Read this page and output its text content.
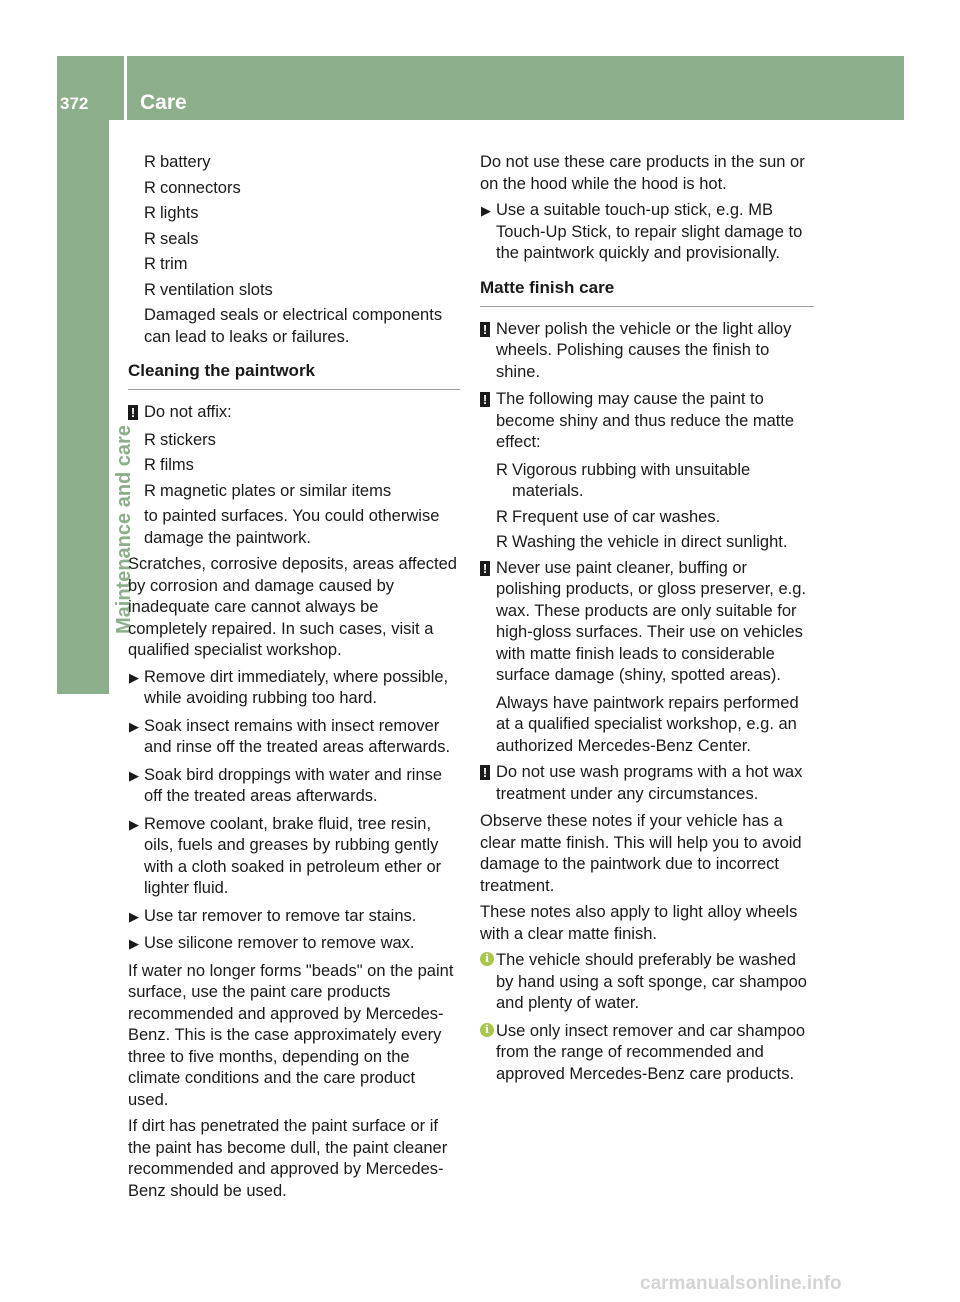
372	Care
Maintenance and care
R battery
R connectors
R lights
R seals
R trim
R ventilation slots

Damaged seals or electrical components can lead to leaks or failures.

Cleaning the paintwork
! Do not affix:
R stickers
R films
R magnetic plates or similar items

to painted surfaces. You could otherwise damage the paintwork.

Scratches, corrosive deposits, areas affected by corrosion and damage caused by inadequate care cannot always be completely repaired. In such cases, visit a qualified specialist workshop.

▶ Remove dirt immediately, where possible, while avoiding rubbing too hard.
▶ Soak insect remains with insect remover and rinse off the treated areas afterwards.
▶ Soak bird droppings with water and rinse off the treated areas afterwards.
▶ Remove coolant, brake fluid, tree resin, oils, fuels and greases by rubbing gently with a cloth soaked in petroleum ether or lighter fluid.
▶ Use tar remover to remove tar stains.
▶ Use silicone remover to remove wax.

If water no longer forms "beads" on the paint surface, use the paint care products recommended and approved by Mercedes-Benz. This is the case approximately every three to five months, depending on the climate conditions and the care product used.

If dirt has penetrated the paint surface or if the paint has become dull, the paint cleaner recommended and approved by Mercedes-Benz should be used.

Do not use these care products in the sun or on the hood while the hood is hot.

▶ Use a suitable touch-up stick, e.g. MB Touch-Up Stick, to repair slight damage to the paintwork quickly and provisionally.
Matte finish care
! Never polish the vehicle or the light alloy wheels. Polishing causes the finish to shine.
! The following may cause the paint to become shiny and thus reduce the matte effect:
R Vigorous rubbing with unsuitable materials.
R Frequent use of car washes.
R Washing the vehicle in direct sunlight.
! Never use paint cleaner, buffing or polishing products, or gloss preserver, e.g. wax. These products are only suitable for high-gloss surfaces. Their use on vehicles with matte finish leads to considerable surface damage (shiny, spotted areas).

Always have paintwork repairs performed at a qualified specialist workshop, e.g. an authorized Mercedes-Benz Center.

! Do not use wash programs with a hot wax treatment under any circumstances.

Observe these notes if your vehicle has a clear matte finish. This will help you to avoid damage to the paintwork due to incorrect treatment.

These notes also apply to light alloy wheels with a clear matte finish.

i The vehicle should preferably be washed by hand using a soft sponge, car shampoo and plenty of water.
i Use only insect remover and car shampoo from the range of recommended and approved Mercedes-Benz care products.
carmanualsonline.info
